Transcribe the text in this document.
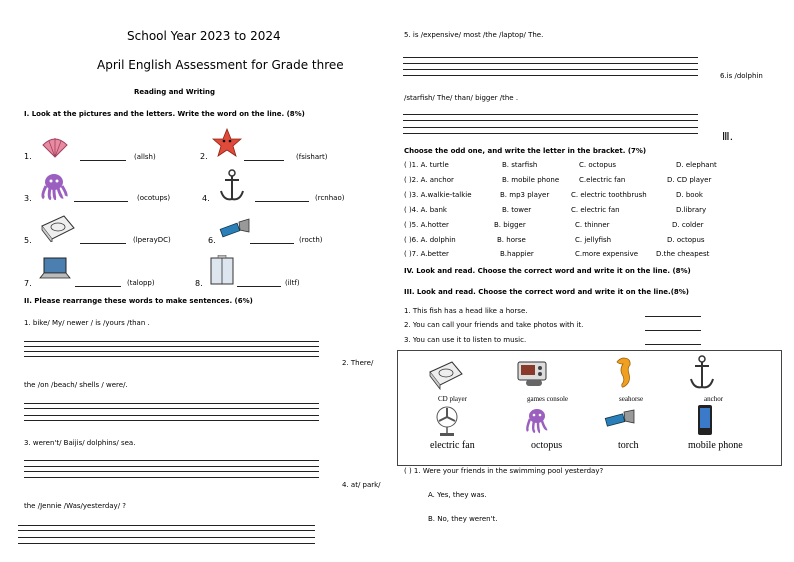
School Year 2023 to 2024
April English Assessment for Grade three
Reading and Writing
I. Look at the pictures and the letters. Write the word on the line. (8%)
1.	(allsh)	2.	(fsishart)
3.	(ocotups)	4.	(rcnhao)
5.	(lperayDC)	6.	(rocth)
7.	(talopp)	8.	(iltf)
II. Please rearrange these words to make sentences. (6%)
1. bike/ My/ newer / is /yours /than .
2. There/
the /on /beach/ shells / were/.
3. weren't/ Baijis/ dolphins/ sea.
4. at/ park/
the /Jennie /Was/yesterday/ ?
5. is /expensive/ most /the /laptop/ The.
6.is /dolphin
/starfish/ The/ than/ bigger /the .
Ⅲ.
Choose the odd one, and write the letter in the bracket. (7%)
( )1. A. turtle	B. starfish	C. octopus	D. elephant
( )2. A. anchor	B. mobile phone	C.electric fan	D. CD player
( )3. A.walkie-talkie	B. mp3 player	C. electric toothbrush	D. book
( )4. A. bank	B. tower	C. electric fan	D.library
( )5. A.hotter	B. bigger	C. thinner	D. colder
( )6. A. dolphin	B. horse	C. jellyfish	D. octopus
( )7. A.better	B.happier	C.more expensive	D.the cheapest
IV. Look and read. Choose the correct word and write it on the line. (8%)
III. Look and read. Choose the correct word and write it on the line.(8%)
1. This fish has a head like a horse.
2. You can call your friends and take photos with it.
3. You can use it to listen to music.
CD player	games console	seahorse	anchor
electric fan	octopus	torch	mobile phone
( ) 1. Were your friends in the swimming pool yesterday?
A. Yes, they was.
B. No, they weren't.
